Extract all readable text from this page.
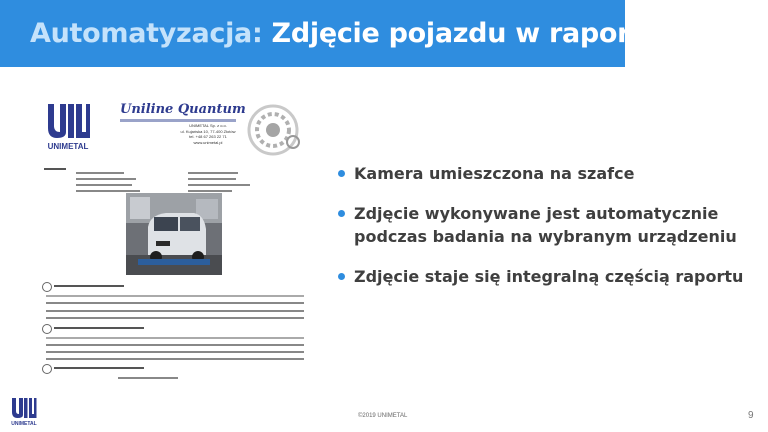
Automatyzacja: Zdjęcie pojazdu w raporcie
UNIMETAL
Uniline Quantum
UNIMETAL Sp. z o.o.
ul. Kujańska 10, 77-400 Złotów
tel. +48 67 263 22 71
www.unimetal.pl
Kamera umieszczona na szafce
Zdjęcie wykonywane jest automatycznie podczas badania na wybranym urządzeniu
Zdjęcie staje się integralną częścią raportu
UNIMETAL
©2019 UNIMETAL	9
